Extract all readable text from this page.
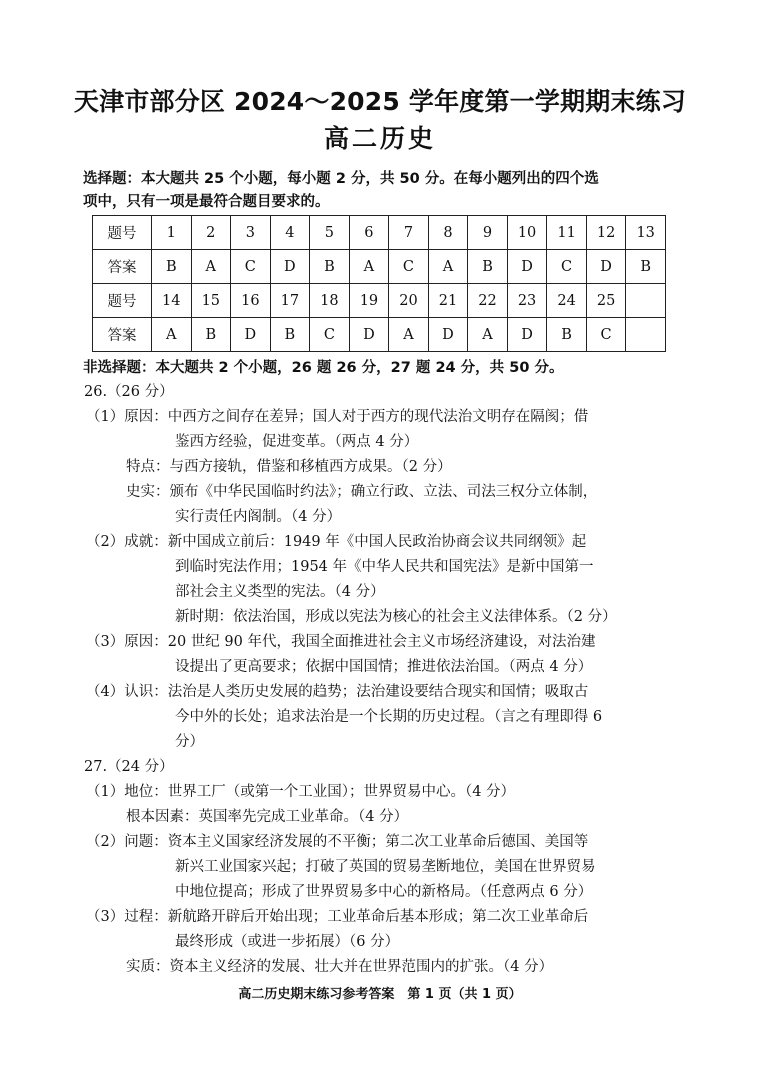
天津市部分区 2024～2025 学年度第一学期期末练习
高二历史
选择题：本大题共 25 个小题，每小题 2 分，共 50 分。在每小题列出的四个选
项中，只有一项是最符合题目要求的。
题号	1	2	3	4	5	6	7	8	9	10	11	12	13
答案	B	A	C	D	B	A	C	A	B	D	C	D	B
题号	14	15	16	17	18	19	20	21	22	23	24	25	
答案	A	B	D	B	C	D	A	D	A	D	B	C	
非选择题：本大题共 2 个小题，26 题 26 分，27 题 24 分，共 50 分。
26.（26 分）
（1）原因：中西方之间存在差异；国人对于西方的现代法治文明存在隔阂；借
鉴西方经验，促进变革。（两点 4 分）
特点：与西方接轨，借鉴和移植西方成果。（2 分）
史实：颁布《中华民国临时约法》；确立行政、立法、司法三权分立体制，
实行责任内阁制。（4 分）
（2）成就：新中国成立前后：1949 年《中国人民政治协商会议共同纲领》起
到临时宪法作用；1954 年《中华人民共和国宪法》是新中国第一
部社会主义类型的宪法。（4 分）
新时期：依法治国，形成以宪法为核心的社会主义法律体系。（2 分）
（3）原因：20 世纪 90 年代，我国全面推进社会主义市场经济建设，对法治建
设提出了更高要求；依据中国国情；推进依法治国。（两点 4 分）
（4）认识：法治是人类历史发展的趋势；法治建设要结合现实和国情；吸取古
今中外的长处；追求法治是一个长期的历史过程。（言之有理即得 6
分）
27.（24 分）
（1）地位：世界工厂（或第一个工业国）；世界贸易中心。（4 分）
根本因素：英国率先完成工业革命。（4 分）
（2）问题：资本主义国家经济发展的不平衡；第二次工业革命后德国、美国等
新兴工业国家兴起；打破了英国的贸易垄断地位，美国在世界贸易
中地位提高；形成了世界贸易多中心的新格局。（任意两点 6 分）
（3）过程：新航路开辟后开始出现；工业革命后基本形成；第二次工业革命后
最终形成（或进一步拓展）（6 分）
实质：资本主义经济的发展、壮大并在世界范围内的扩张。（4 分）
高二历史期末练习参考答案　第 1 页（共 1 页）
